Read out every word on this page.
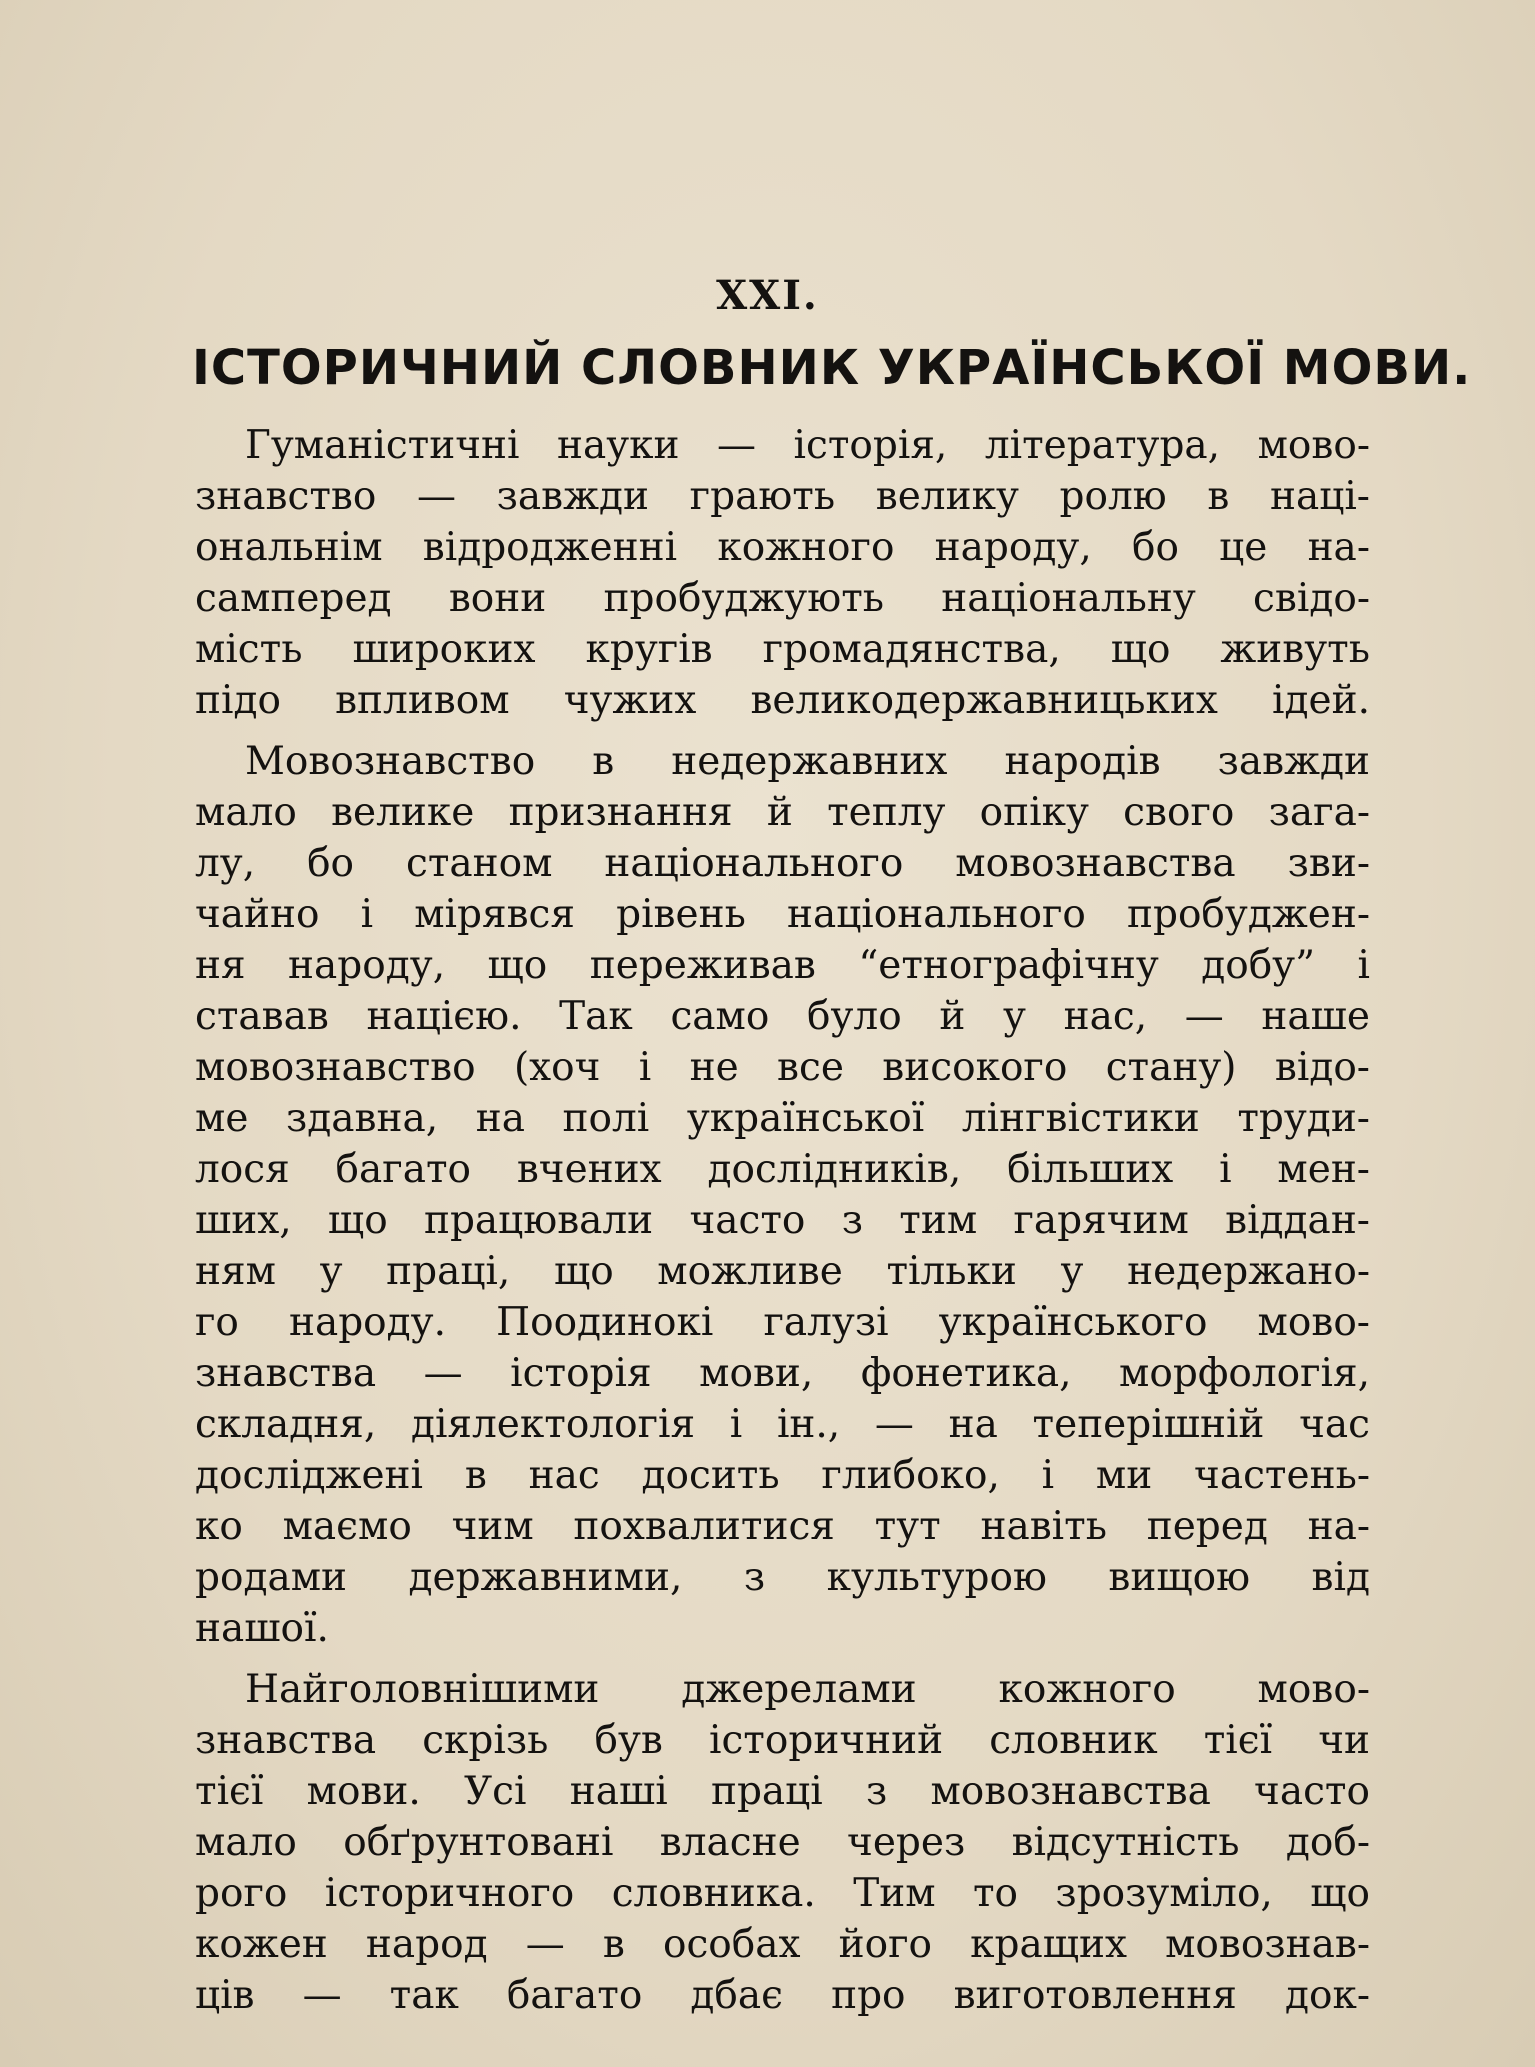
XXI.
ІСТОРИЧНИЙ СЛОВНИК УКРАЇНСЬКОЇ МОВИ.
Гуманістичні науки — історія, література, мово-
знавство — завжди грають велику ролю в наці-
ональнім відродженні кожного народу, бо це на-
самперед вони пробуджують національну свідо-
мість широких кругів громадянства, що живуть
підо впливом чужих великодержавницьких ідей.
Мовознавство в недержавних народів завжди
мало велике признання й теплу опіку свого зага-
лу, бо станом національного мовознавства зви-
чайно і мірявся рівень національного пробуджен-
ня народу, що переживав “етнографічну добу” і
ставав нацією. Так само було й у нас, — наше
мовознавство (хоч і не все високого стану) відо-
ме здавна, на полі української лінгвістики труди-
лося багато вчених дослідників, більших і мен-
ших, що працювали часто з тим гарячим віддан-
ням у праці, що можливе тільки у недержано-
го народу. Поодинокі галузі українського мово-
знавства — історія мови, фонетика, морфологія,
складня, діялектологія і ін., — на теперішній час
досліджені в нас досить глибоко, і ми частень-
ко маємо чим похвалитися тут навіть перед на-
родами державними, з культурою вищою від
нашої.
Найголовнішими джерелами кожного мово-
знавства скрізь був історичний словник тієї чи
тієї мови. Усі наші праці з мовознавства часто
мало обґрунтовані власне через відсутність доб-
рого історичного словника. Тим то зрозуміло, що
кожен народ — в особах його кращих мовознав-
ців — так багато дбає про виготовлення док-
